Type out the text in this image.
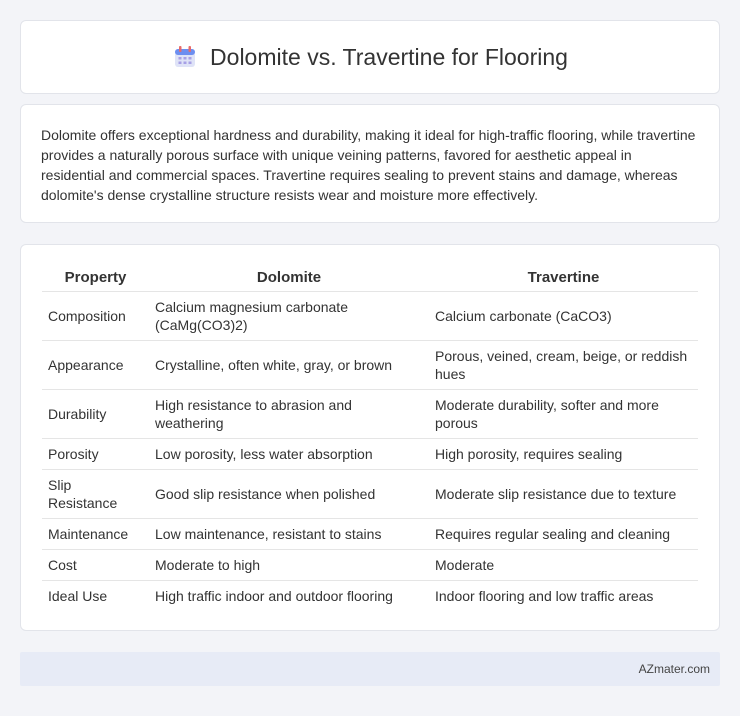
Dolomite vs. Travertine for Flooring

Dolomite offers exceptional hardness and durability, making it ideal for high-traffic flooring, while travertine provides a naturally porous surface with unique veining patterns, favored for aesthetic appeal in residential and commercial spaces. Travertine requires sealing to prevent stains and damage, whereas dolomite's dense crystalline structure resists wear and moisture more effectively.

Property	Dolomite	Travertine
Composition	Calcium magnesium carbonate (CaMg(CO3)2)	Calcium carbonate (CaCO3)
Appearance	Crystalline, often white, gray, or brown	Porous, veined, cream, beige, or reddish hues
Durability	High resistance to abrasion and weathering	Moderate durability, softer and more porous
Porosity	Low porosity, less water absorption	High porosity, requires sealing
Slip Resistance	Good slip resistance when polished	Moderate slip resistance due to texture
Maintenance	Low maintenance, resistant to stains	Requires regular sealing and cleaning
Cost	Moderate to high	Moderate
Ideal Use	High traffic indoor and outdoor flooring	Indoor flooring and low traffic areas
AZmater.com
